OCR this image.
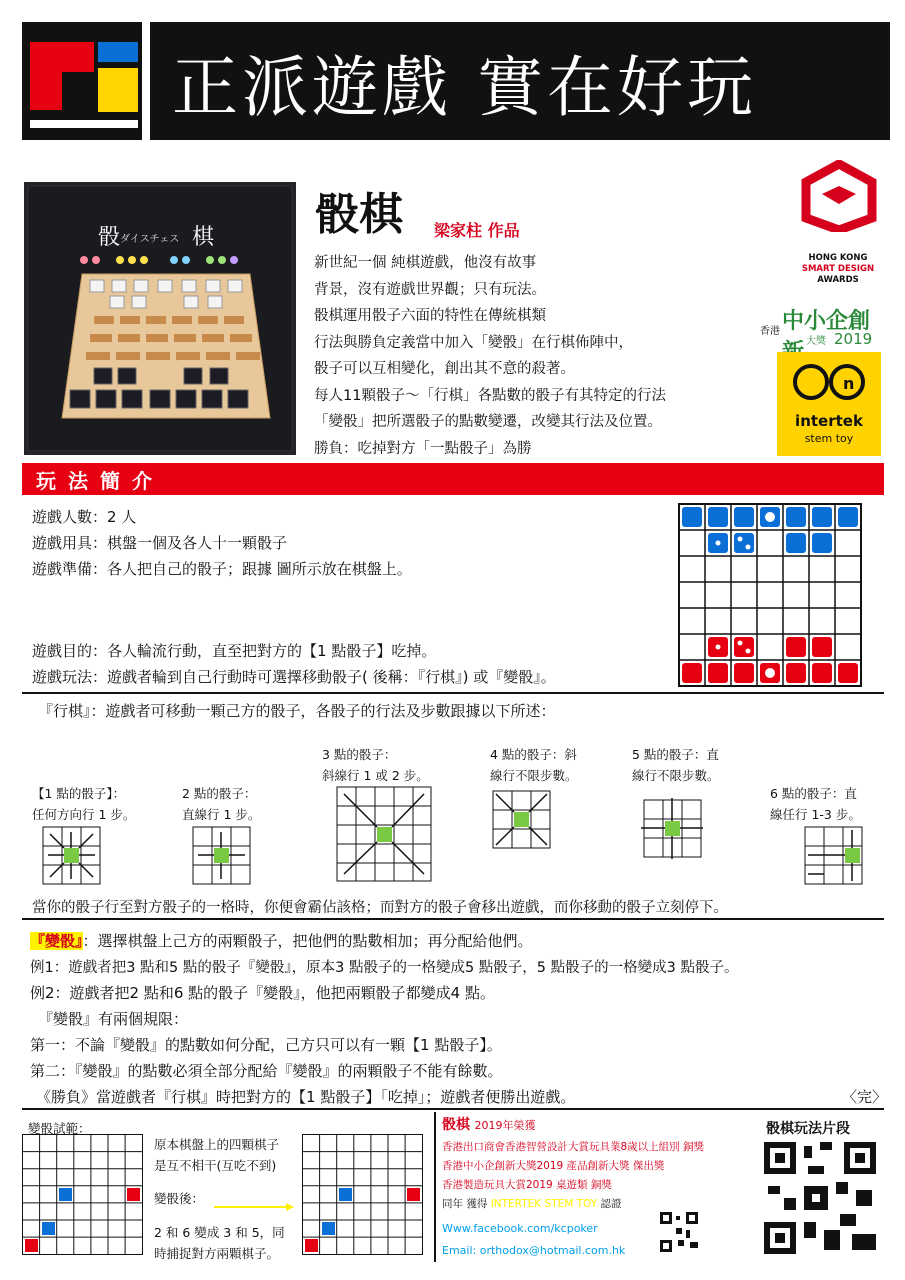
正派遊戲 實在好玩
骰 ダイスチェス 棋 骰棋 梁家柱 作品
新世紀一個 純棋遊戲，他沒有故事
背景，沒有遊戲世界觀；只有玩法。
骰棋運用骰子六面的特性在傳統棋類
行法與勝負定義當中加入「變骰」在行棋佈陣中，
骰子可以互相變化，創出其不意的殺著。
每人11顆骰子～「行棋」各點數的骰子有其特定的行法
「變骰」把所選骰子的點數變遷，改變其行法及位置。
勝負：吃掉對方「一點骰子」為勝
HONG KONG
SMART DESIGN
AWARDS
香港 中小企創
大獎 2019
n
intertek
stem toy
玩法簡介
遊戲人數：2 人
遊戲用具：棋盤一個及各人十一顆骰子
遊戲準備：各人把自己的骰子；跟據 圖所示放在棋盤上。
遊戲目的：各人輪流行動，直至把對方的【1 點骰子】吃掉。
遊戲玩法：遊戲者輪到自己行動時可選擇移動骰子( 後稱：『行棋』) 或『變骰』。
『行棋』：遊戲者可移動一顆己方的骰子，各骰子的行法及步數跟據以下所述：
【1 點的骰子】：
任何方向行 1 步。
2 點的骰子：
直線行 1 步。
3 點的骰子：
斜線行 1 或 2 步。
4 點的骰子：斜
線行不限步數。
5 點的骰子：直
線行不限步數。
6 點的骰子：直
線任行 1-3 步。
當你的骰子行至對方骰子的一格時，你便會霸佔該格；而對方的骰子會移出遊戲，而你移動的骰子立刻停下。
『變骰』：選擇棋盤上己方的兩顆骰子，把他們的點數相加；再分配給他們。
例1：遊戲者把3 點和5 點的骰子『變骰』，原本3 點骰子的一格變成5 點骰子，5 點骰子的一格變成3 點骰子。
例2：遊戲者把2 點和6 點的骰子『變骰』，他把兩顆骰子都變成4 點。
『變骰』有兩個規限：
第一：不論『變骰』的點數如何分配，己方只可以有一顆【1 點骰子】。
第二：『變骰』的點數必須全部分配給『變骰』的兩顆骰子不能有餘數。
《勝負》當遊戲者『行棋』時把對方的【1 點骰子】「吃掉」；遊戲者便勝出遊戲。	〈完〉
變骰試範：
原本棋盤上的四顆棋子
是互不相干(互吃不到)
變骰後：
2 和 6 變成 3 和 5，同
時捕捉對方兩顆棋子。
骰棋 2019年榮獲
香港出口商會香港智營設計大賞玩具業8歲以上組別 銅獎
香港中小企創新大獎2019 產品創新大獎 傑出獎
香港製造玩具大賞2019 桌遊類 銅獎
同年 獲得 INTERTEK STEM TOY 認證
Www.facebook.com/kcpoker
Email: orthodox@hotmail.com.hk
骰棋玩法片段
